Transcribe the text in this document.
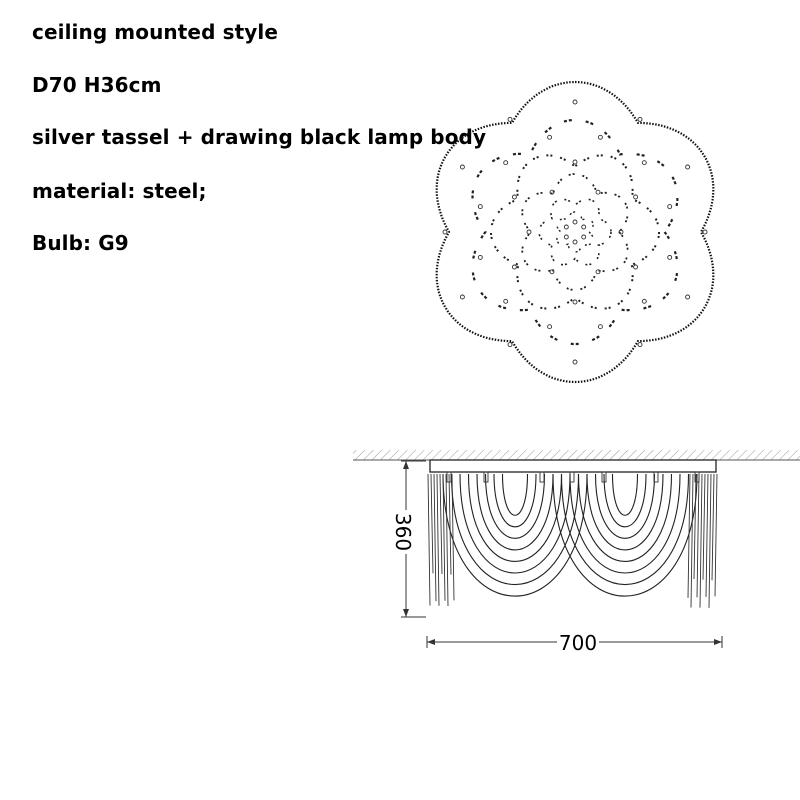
ceiling mounted style
D70 H36cm
silver tassel + drawing black lamp body
material: steel;
Bulb: G9
360
700
